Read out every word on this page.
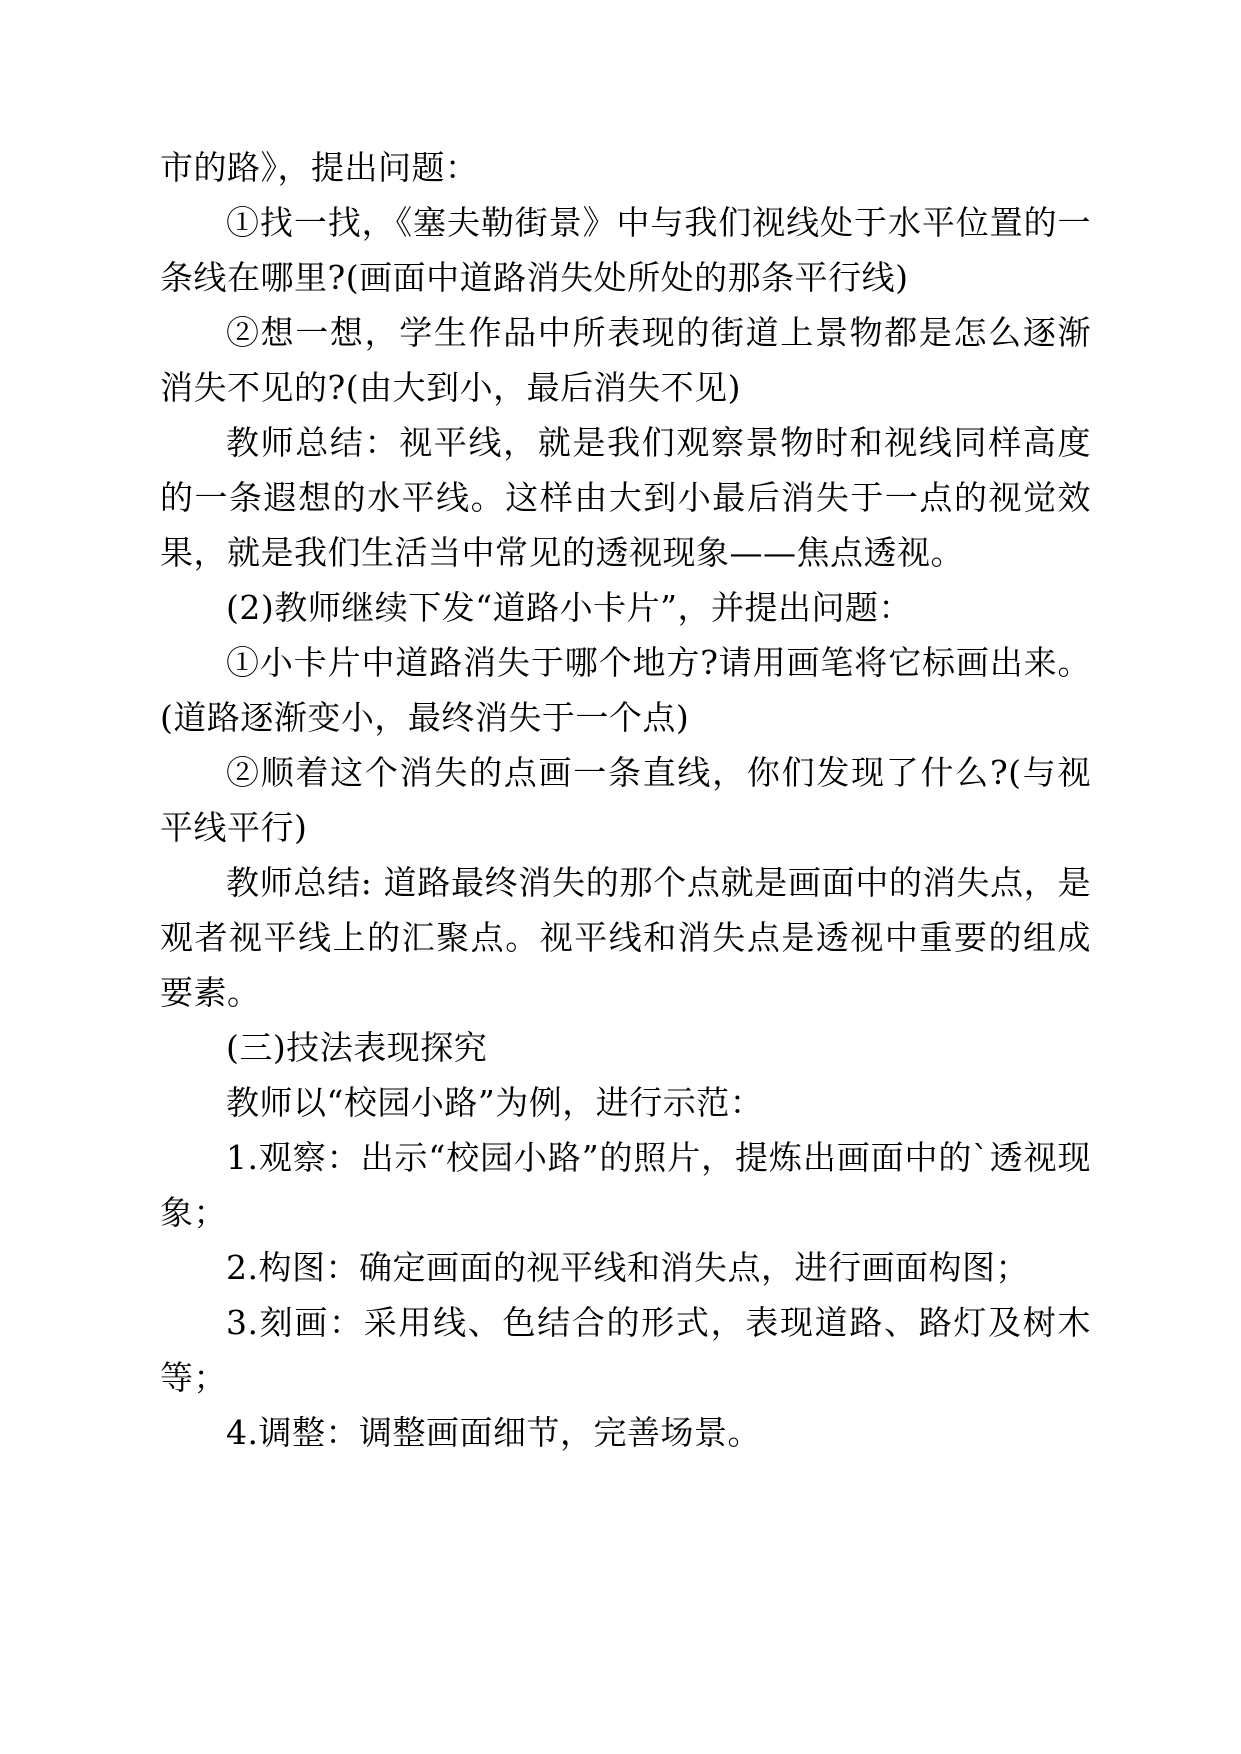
市的路》，提出问题：

①找一找，《塞夫勒街景》中与我们视线处于水平位置的一条线在哪里?(画面中道路消失处所处的那条平行线)

②想一想，学生作品中所表现的街道上景物都是怎么逐渐消失不见的?(由大到小，最后消失不见)

教师总结：视平线，就是我们观察景物时和视线同样高度的一条遐想的水平线。这样由大到小最后消失于一点的视觉效果，就是我们生活当中常见的透视现象——焦点透视。

(2)教师继续下发“道路小卡片”，并提出问题：

①小卡片中道路消失于哪个地方?请用画笔将它标画出来。(道路逐渐变小，最终消失于一个点)

②顺着这个消失的点画一条直线，你们发现了什么?(与视平线平行)

教师总结: 道路最终消失的那个点就是画面中的消失点，是观者视平线上的汇聚点。视平线和消失点是透视中重要的组成要素。

(三)技法表现探究

教师以“校园小路”为例，进行示范：

1.观察：出示“校园小路”的照片，提炼出画面中的`透视现象；

2.构图：确定画面的视平线和消失点，进行画面构图；

3.刻画：采用线、色结合的形式，表现道路、路灯及树木等；

4.调整：调整画面细节，完善场景。
